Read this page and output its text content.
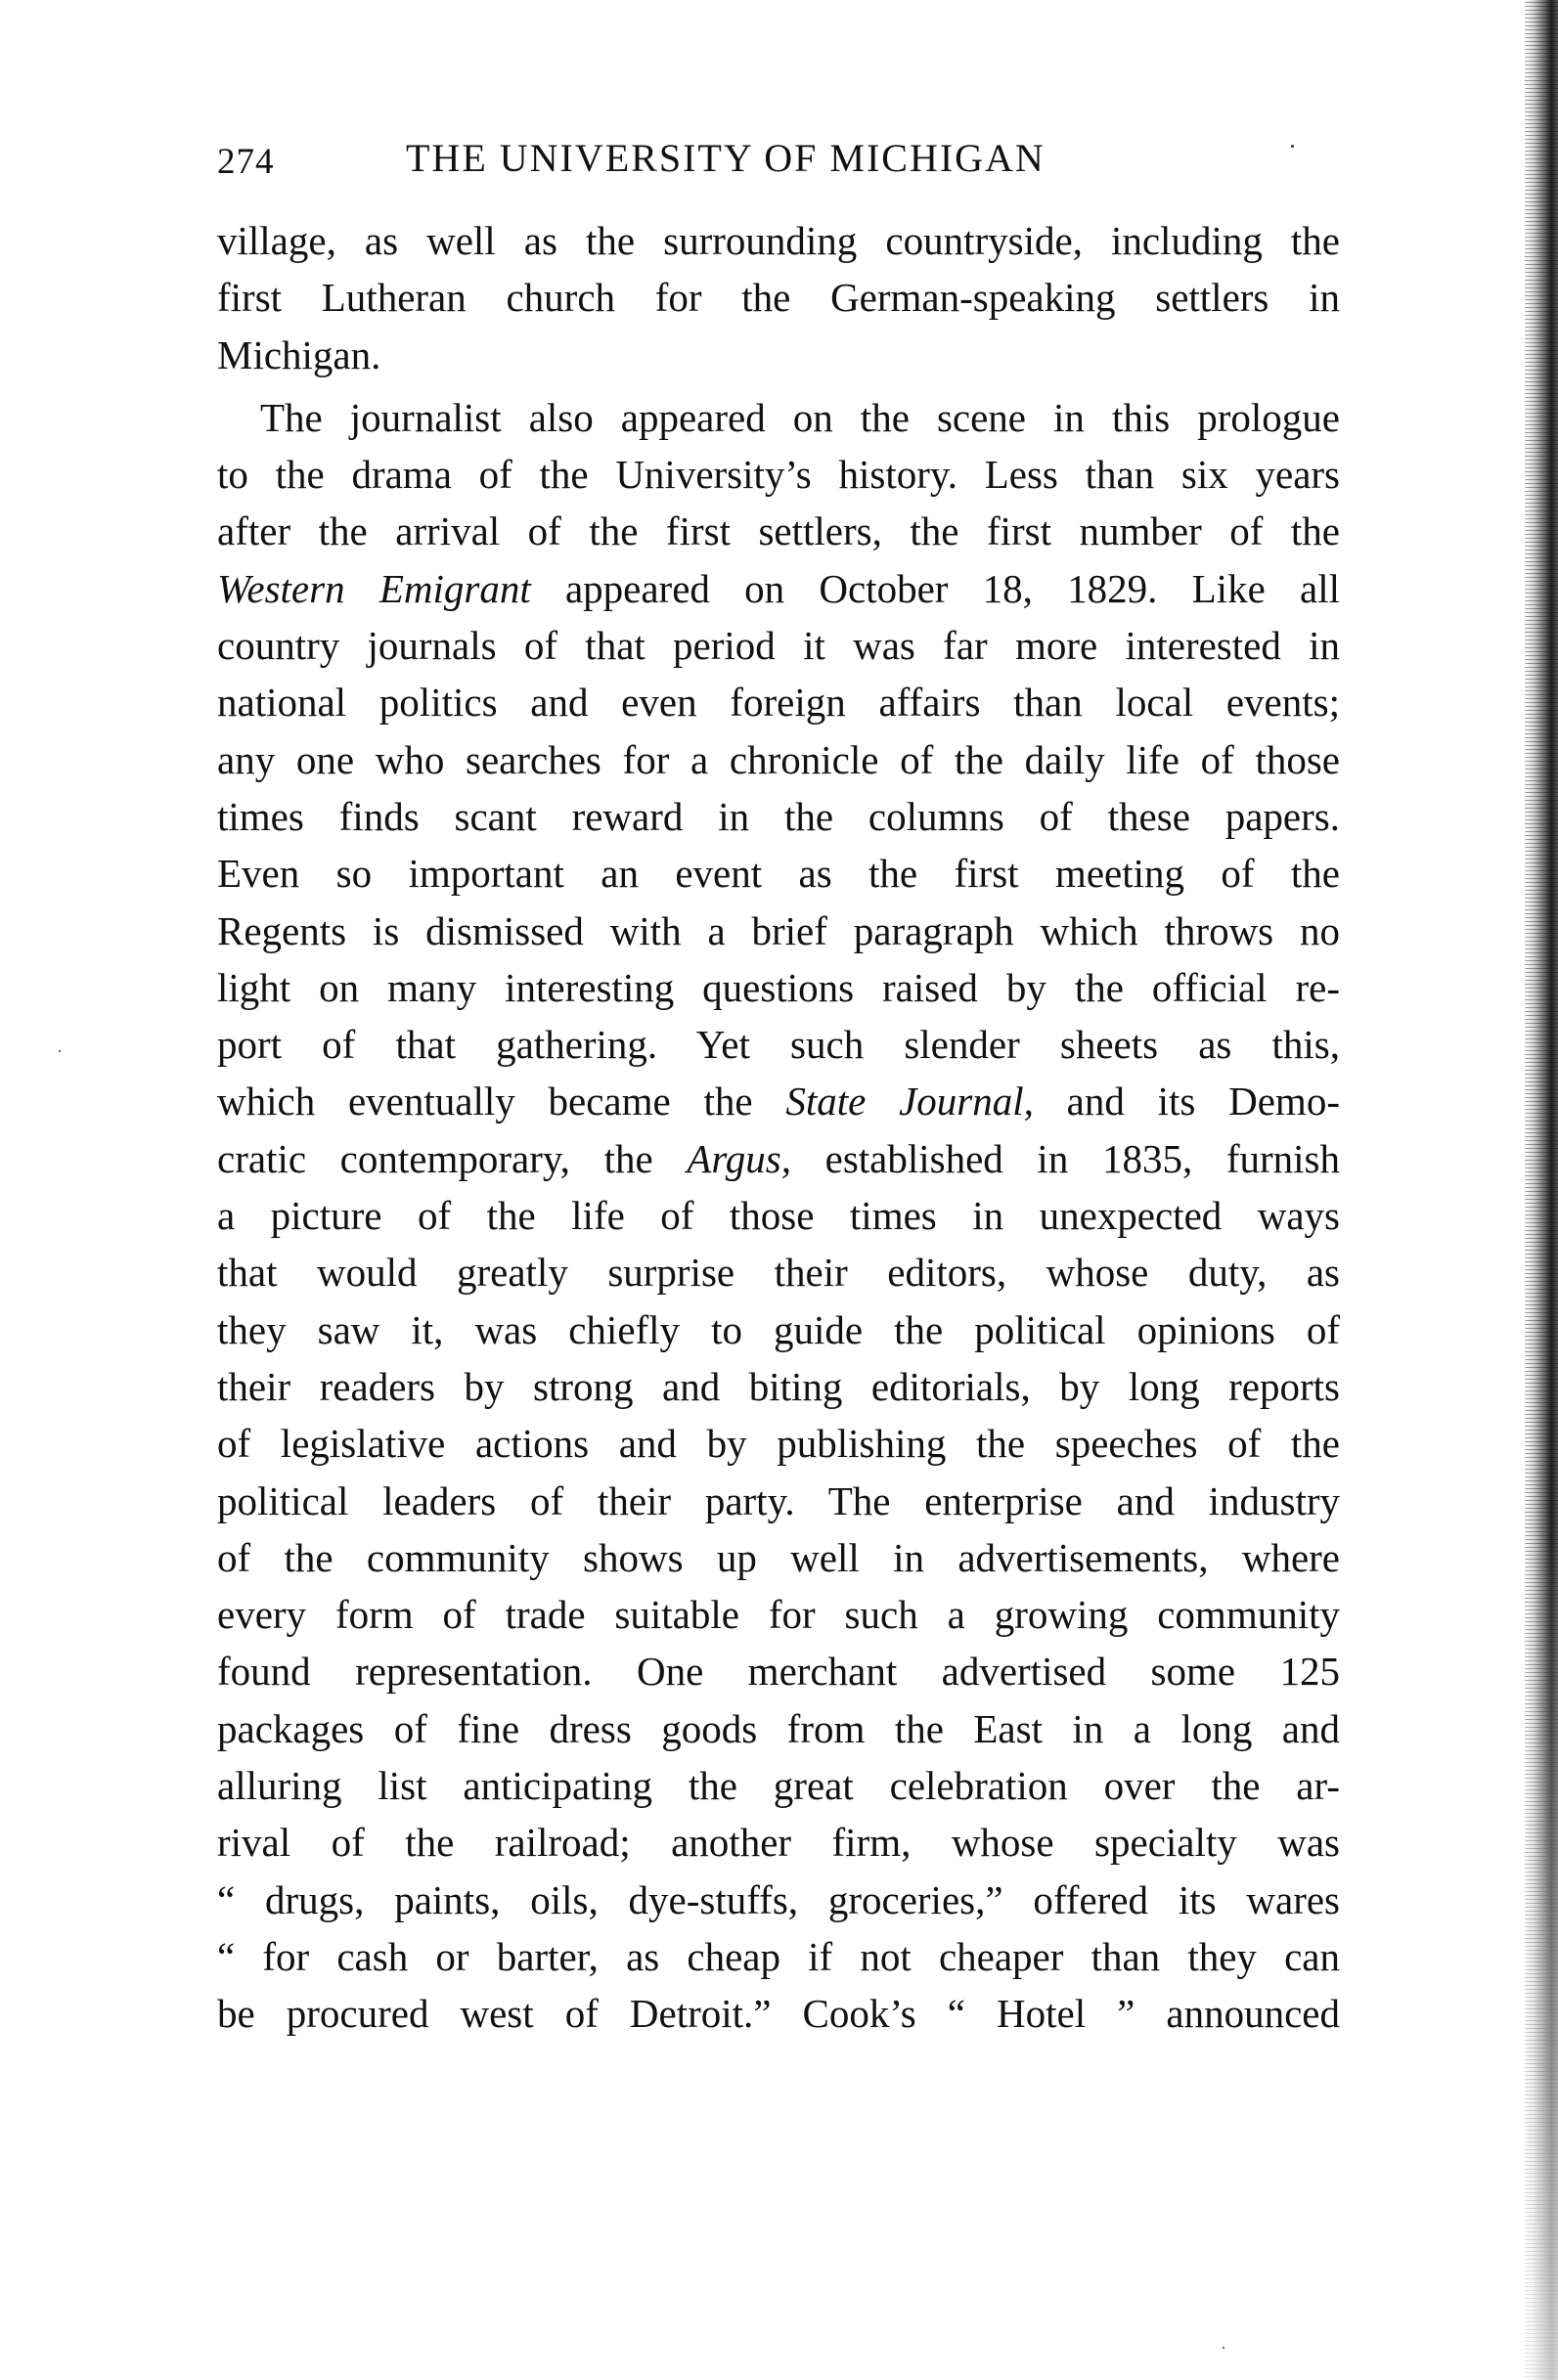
274	THE UNIVERSITY OF MICHIGAN
village, as well as the surrounding countryside, including the
first Lutheran church for the German-speaking settlers in
Michigan.
The journalist also appeared on the scene in this prologue
to the drama of the University’s history. Less than six years
after the arrival of the first settlers, the first number of the
Western Emigrant appeared on October 18, 1829. Like all
country journals of that period it was far more interested in
national politics and even foreign affairs than local events;
any one who searches for a chronicle of the daily life of those
times finds scant reward in the columns of these papers.
Even so important an event as the first meeting of the
Regents is dismissed with a brief paragraph which throws no
light on many interesting questions raised by the official re-
port of that gathering. Yet such slender sheets as this,
which eventually became the State Journal, and its Demo-
cratic contemporary, the Argus, established in 1835, furnish
a picture of the life of those times in unexpected ways
that would greatly surprise their editors, whose duty, as
they saw it, was chiefly to guide the political opinions of
their readers by strong and biting editorials, by long reports
of legislative actions and by publishing the speeches of the
political leaders of their party. The enterprise and industry
of the community shows up well in advertisements, where
every form of trade suitable for such a growing community
found representation. One merchant advertised some 125
packages of fine dress goods from the East in a long and
alluring list anticipating the great celebration over the ar-
rival of the railroad; another firm, whose specialty was
“ drugs, paints, oils, dye-stuffs, groceries,” offered its wares
“ for cash or barter, as cheap if not cheaper than they can
be procured west of Detroit.” Cook’s “ Hotel ” announced
